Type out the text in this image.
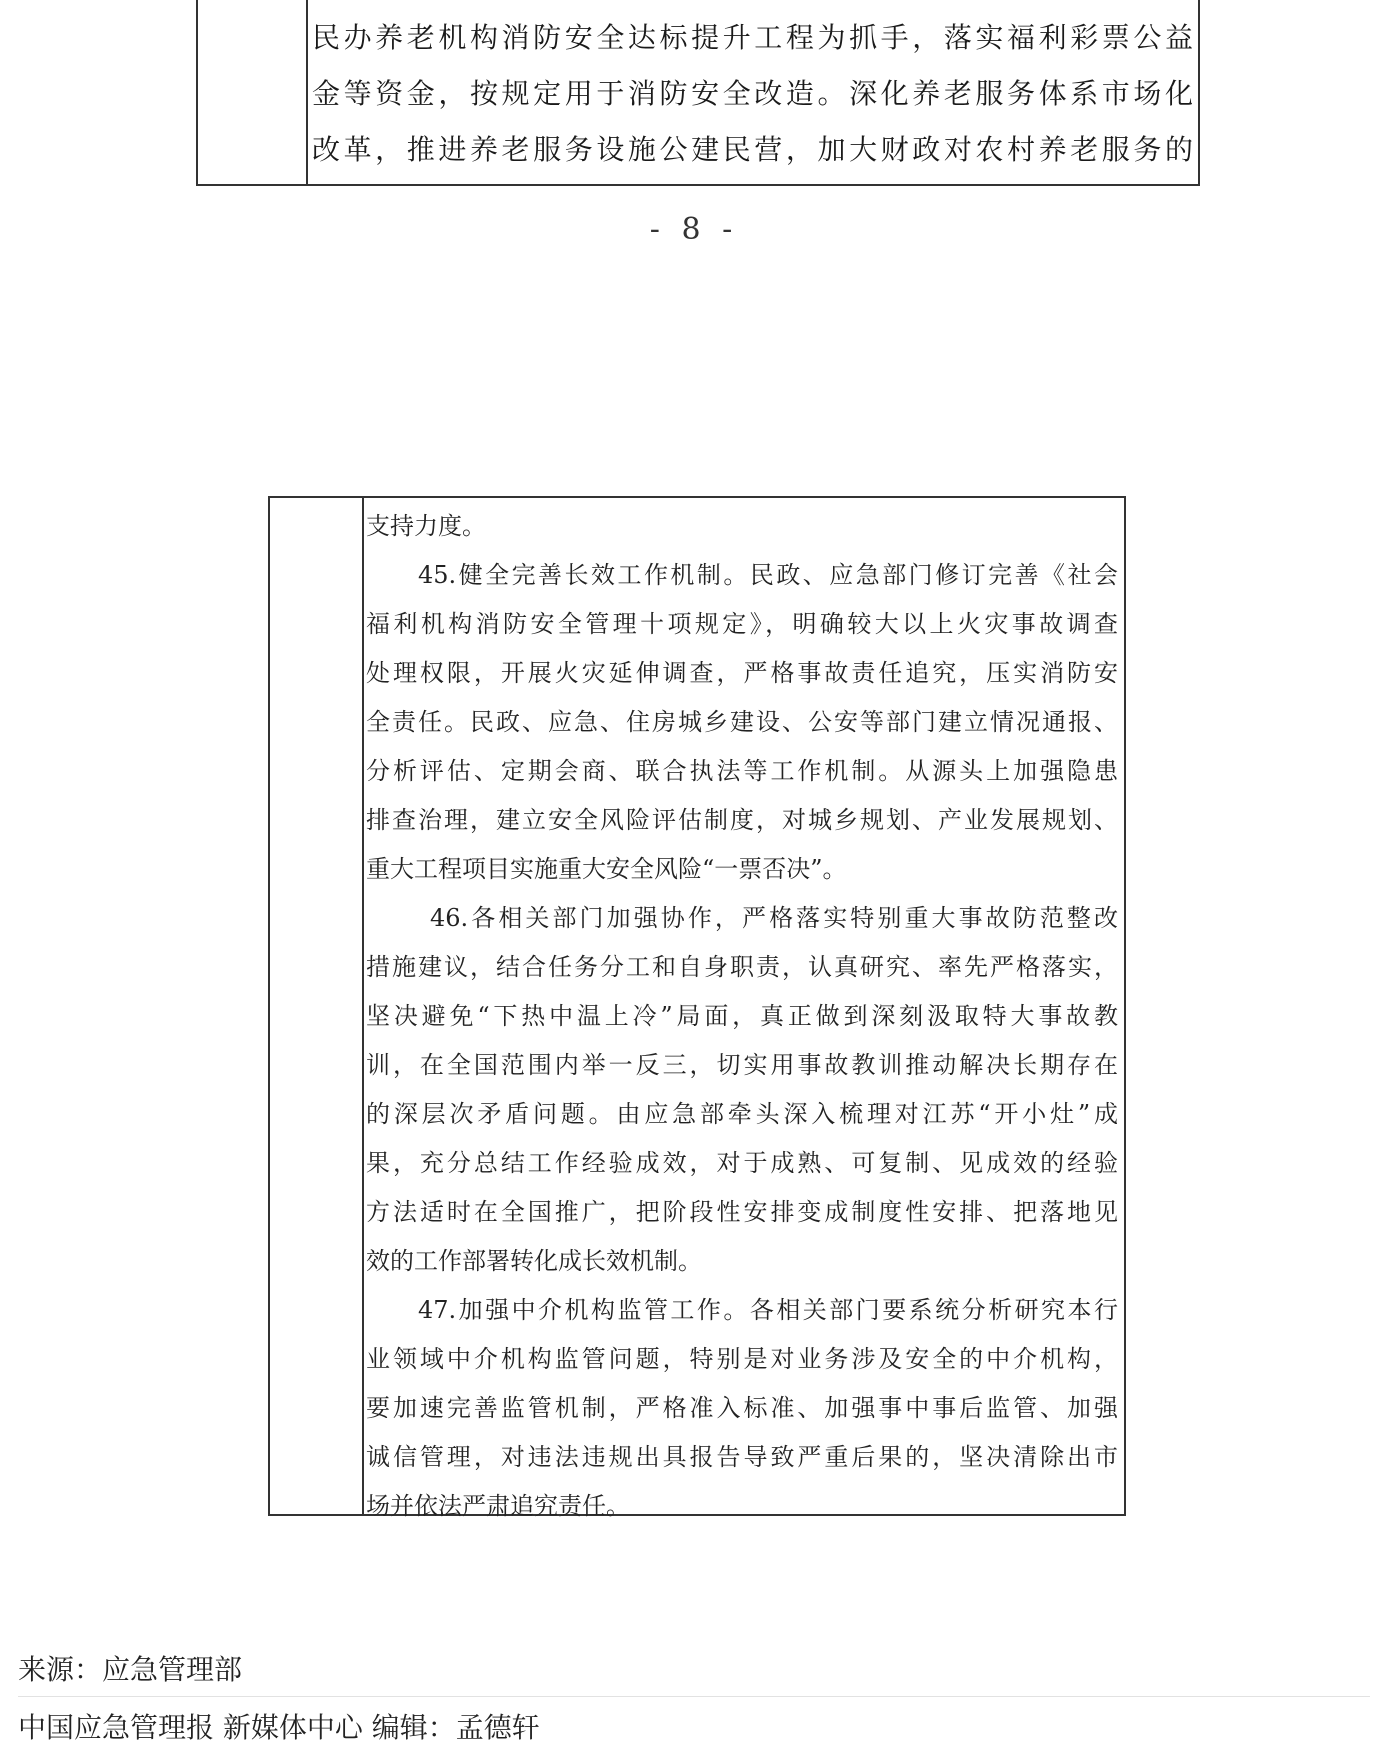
民办养老机构消防安全达标提升工程为抓手，落实福利彩票公益

金等资金，按规定用于消防安全改造。深化养老服务体系市场化

改革，推进养老服务设施公建民营，加大财政对农村养老服务的

- 8 -
支持力度。
45.健全完善长效工作机制。民政、应急部门修订完善《社会
福利机构消防安全管理十项规定》，明确较大以上火灾事故调查
处理权限，开展火灾延伸调查，严格事故责任追究，压实消防安
全责任。民政、应急、住房城乡建设、公安等部门建立情况通报、
分析评估、定期会商、联合执法等工作机制。从源头上加强隐患
排查治理，建立安全风险评估制度，对城乡规划、产业发展规划、
重大工程项目实施重大安全风险“一票否决”。
46.各相关部门加强协作，严格落实特别重大事故防范整改
措施建议，结合任务分工和自身职责，认真研究、率先严格落实，
坚决避免“下热中温上冷”局面，真正做到深刻汲取特大事故教
训，在全国范围内举一反三，切实用事故教训推动解决长期存在
的深层次矛盾问题。由应急部牵头深入梳理对江苏“开小灶”成
果，充分总结工作经验成效，对于成熟、可复制、见成效的经验
方法适时在全国推广，把阶段性安排变成制度性安排、把落地见
效的工作部署转化成长效机制。
47.加强中介机构监管工作。各相关部门要系统分析研究本行
业领域中介机构监管问题，特别是对业务涉及安全的中介机构，
要加速完善监管机制，严格准入标准、加强事中事后监管、加强
诚信管理，对违法违规出具报告导致严重后果的，坚决清除出市
场并依法严肃追究责任。
来源：应急管理部
中国应急管理报 新媒体中心 编辑：孟德轩
